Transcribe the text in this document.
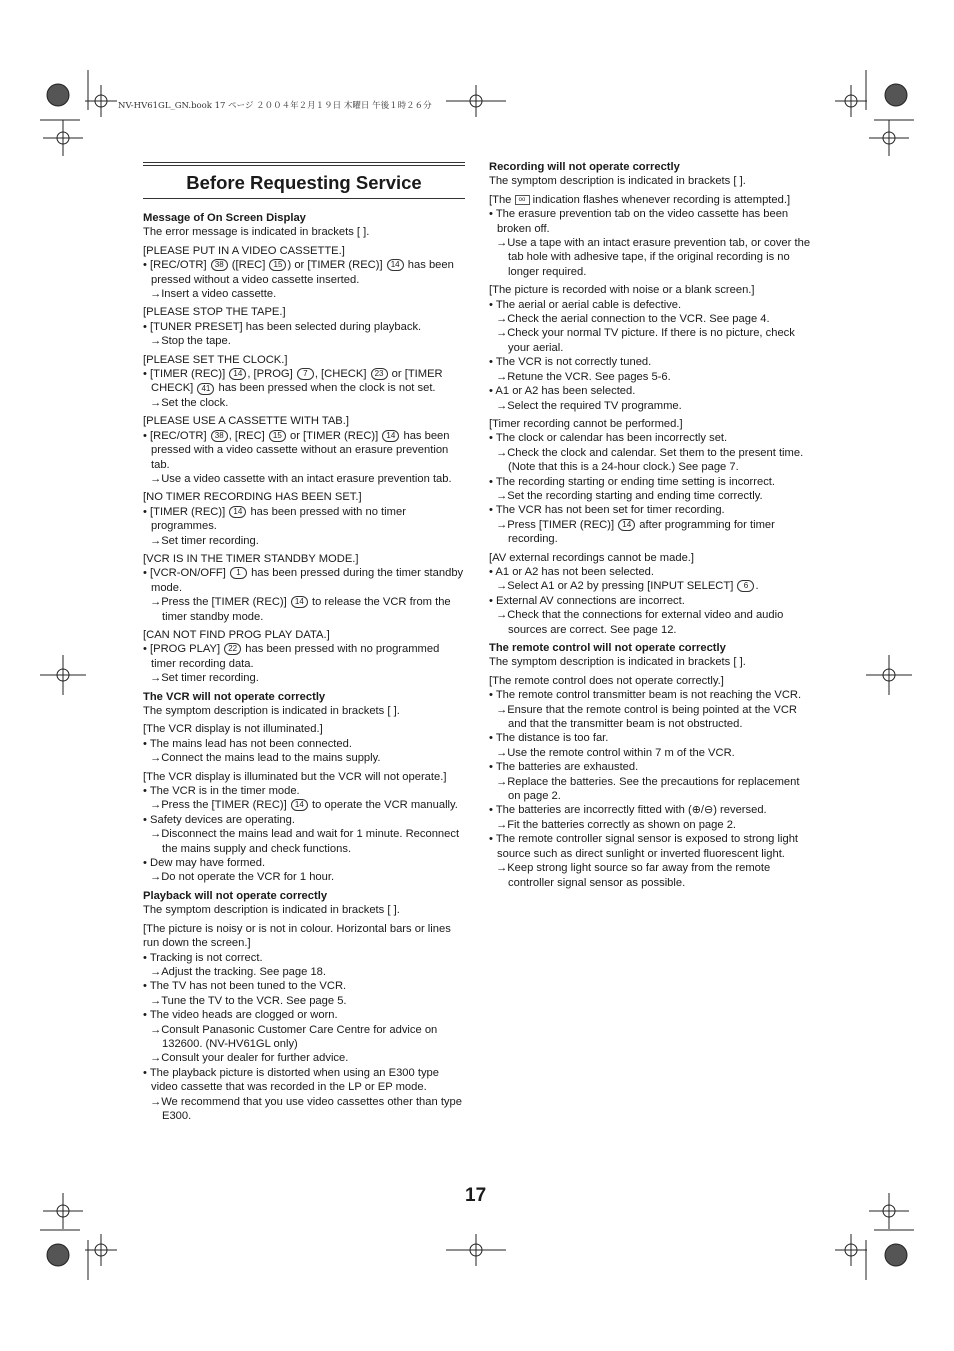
NV-HV61GL_GN.book 17 ページ ２００４年２月１９日 木曜日 午後１時２６分
Before Requesting Service
Message of On Screen Display

The error message is indicated in brackets [ ].

[PLEASE PUT IN A VIDEO CASSETTE.]

• [REC/OTR] 38 ([REC] 15 ) or [TIMER (REC)] 14 has been pressed without a video cassette inserted.

→Insert a video cassette.

[PLEASE STOP THE TAPE.]

• [TUNER PRESET] has been selected during playback.

→Stop the tape.

[PLEASE SET THE CLOCK.]

• [TIMER (REC)] 14 , [PROG] 7 , [CHECK] 23 or [TIMER CHECK] 41 has been pressed when the clock is not set.

→Set the clock.

[PLEASE USE A CASSETTE WITH TAB.]

• [REC/OTR] 38 , [REC] 15 or [TIMER (REC)] 14 has been pressed with a video cassette without an erasure prevention tab.

→Use a video cassette with an intact erasure prevention tab.

[NO TIMER RECORDING HAS BEEN SET.]

• [TIMER (REC)] 14 has been pressed with no timer programmes.

→Set timer recording.

[VCR IS IN THE TIMER STANDBY MODE.]

• [VCR-ON/OFF] 1 has been pressed during the timer standby mode.

→Press the [TIMER (REC)] 14 to release the VCR from the timer standby mode.

[CAN NOT FIND PROG PLAY DATA.]

• [PROG PLAY] 22 has been pressed with no programmed timer recording data.

→Set timer recording.

The VCR will not operate correctly

The symptom description is indicated in brackets [ ].

[The VCR display is not illuminated.]

• The mains lead has not been connected.

→Connect the mains lead to the mains supply.

[The VCR display is illuminated but the VCR will not operate.]

• The VCR is in the timer mode.

→Press the [TIMER (REC)] 14 to operate the VCR manually.

• Safety devices are operating.

→Disconnect the mains lead and wait for 1 minute. Reconnect the mains supply and check functions.

• Dew may have formed.

→Do not operate the VCR for 1 hour.

Playback will not operate correctly

The symptom description is indicated in brackets [ ].

[The picture is noisy or is not in colour. Horizontal bars or lines run down the screen.]

• Tracking is not correct.

→Adjust the tracking. See page 18.

• The TV has not been tuned to the VCR.

→Tune the TV to the VCR. See page 5.

• The video heads are clogged or worn.

→Consult Panasonic Customer Care Centre for advice on 132600. (NV-HV61GL only)

→Consult your dealer for further advice.

• The playback picture is distorted when using an E300 type video cassette that was recorded in the LP or EP mode.

→We recommend that you use video cassettes other than type E300.

Recording will not operate correctly

The symptom description is indicated in brackets [ ].

[The oo indication flashes whenever recording is attempted.]

• The erasure prevention tab on the video cassette has been broken off.

→Use a tape with an intact erasure prevention tab, or cover the tab hole with adhesive tape, if the original recording is no longer required.

[The picture is recorded with noise or a blank screen.]

• The aerial or aerial cable is defective.

→Check the aerial connection to the VCR. See page 4.

→Check your normal TV picture. If there is no picture, check your aerial.

• The VCR is not correctly tuned.

→Retune the VCR. See pages 5-6.

• A1 or A2 has been selected.

→Select the required TV programme.

[Timer recording cannot be performed.]

• The clock or calendar has been incorrectly set.

→Check the clock and calendar. Set them to the present time. (Note that this is a 24-hour clock.) See page 7.

• The recording starting or ending time setting is incorrect.

→Set the recording starting and ending time correctly.

• The VCR has not been set for timer recording.

→Press [TIMER (REC)] 14 after programming for timer recording.

[AV external recordings cannot be made.]

• A1 or A2 has not been selected.

→Select A1 or A2 by pressing [INPUT SELECT] 6 .

• External AV connections are incorrect.

→Check that the connections for external video and audio sources are correct. See page 12.

The remote control will not operate correctly

The symptom description is indicated in brackets [ ].

[The remote control does not operate correctly.]

• The remote control transmitter beam is not reaching the VCR.

→Ensure that the remote control is being pointed at the VCR and that the transmitter beam is not obstructed.

• The distance is too far.

→Use the remote control within 7 m of the VCR.

• The batteries are exhausted.

→Replace the batteries. See the precautions for replacement on page 2.

• The batteries are incorrectly fitted with (⊕/⊖) reversed.

→Fit the batteries correctly as shown on page 2.

• The remote controller signal sensor is exposed to strong light source such as direct sunlight or inverted fluorescent light.

→Keep strong light source so far away from the remote controller signal sensor as possible.

17
